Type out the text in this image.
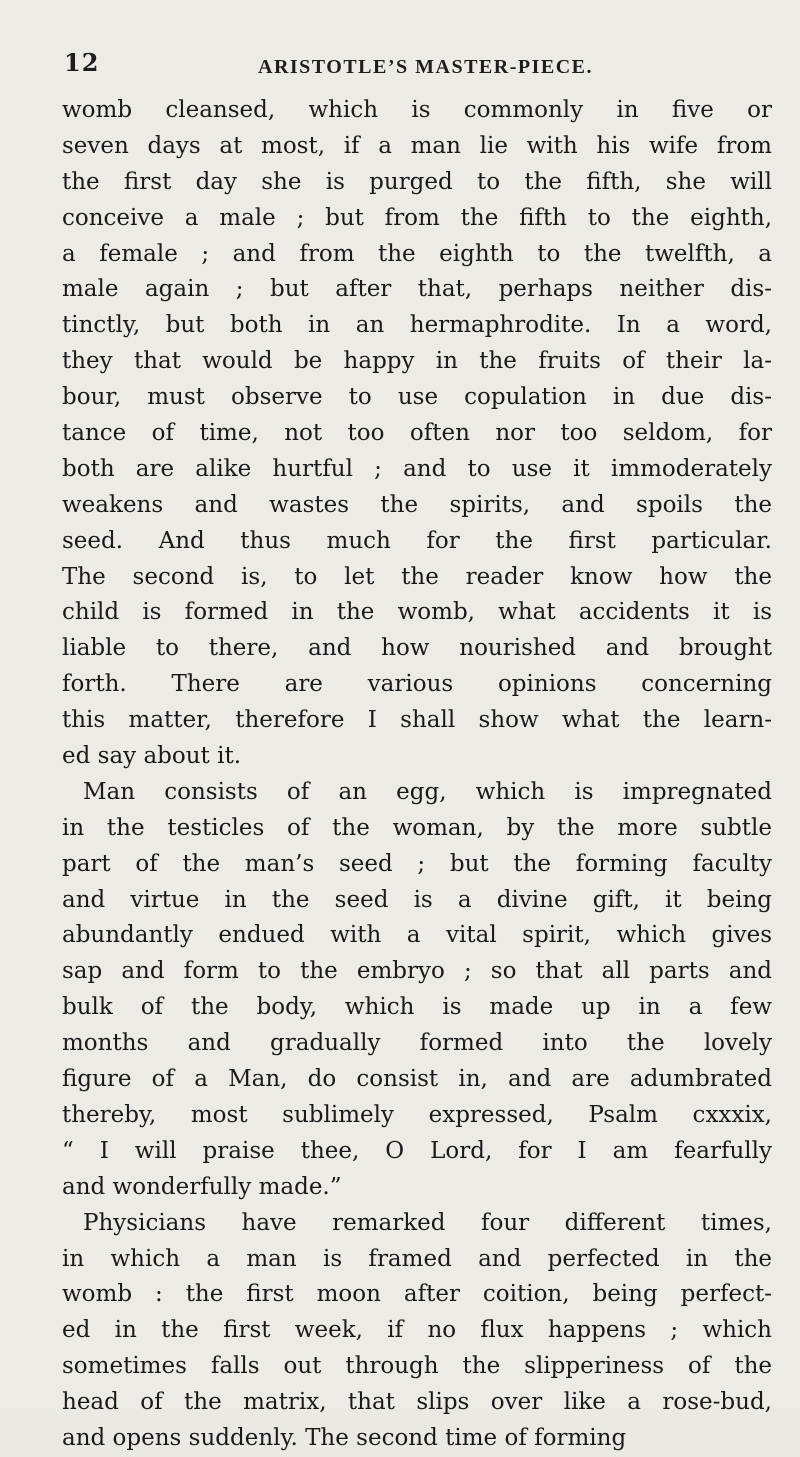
12	ARISTOTLE’S MASTER-PIECE.
womb cleansed, which is commonly in five or
seven days at most, if a man lie with his wife from
the first day she is purged to the fifth, she will
conceive a male ; but from the fifth to the eighth,
a female ; and from the eighth to the twelfth, a
male again ; but after that, perhaps neither dis-
tinctly, but both in an hermaphrodite. In a word,
they that would be happy in the fruits of their la-
bour, must observe to use copulation in due dis-
tance of time, not too often nor too seldom, for
both are alike hurtful ; and to use it immoderately
weakens and wastes the spirits, and spoils the
seed. And thus much for the first particular.
The second is, to let the reader know how the
child is formed in the womb, what accidents it is
liable to there, and how nourished and brought
forth. There are various opinions concerning
this matter, therefore I shall show what the learn-
ed say about it.
Man consists of an egg, which is impregnated
in the testicles of the woman, by the more subtle
part of the man’s seed ; but the forming faculty
and virtue in the seed is a divine gift, it being
abundantly endued with a vital spirit, which gives
sap and form to the embryo ; so that all parts and
bulk of the body, which is made up in a few
months and gradually formed into the lovely
figure of a Man, do consist in, and are adumbrated
thereby, most sublimely expressed, Psalm cxxxix,
“ I will praise thee, O Lord, for I am fearfully
and wonderfully made.”
Physicians have remarked four different times,
in which a man is framed and perfected in the
womb : the first moon after coition, being perfect-
ed in the first week, if no flux happens ; which
sometimes falls out through the slipperiness of the
head of the matrix, that slips over like a rose-bud,
and opens suddenly. The second time of forming
